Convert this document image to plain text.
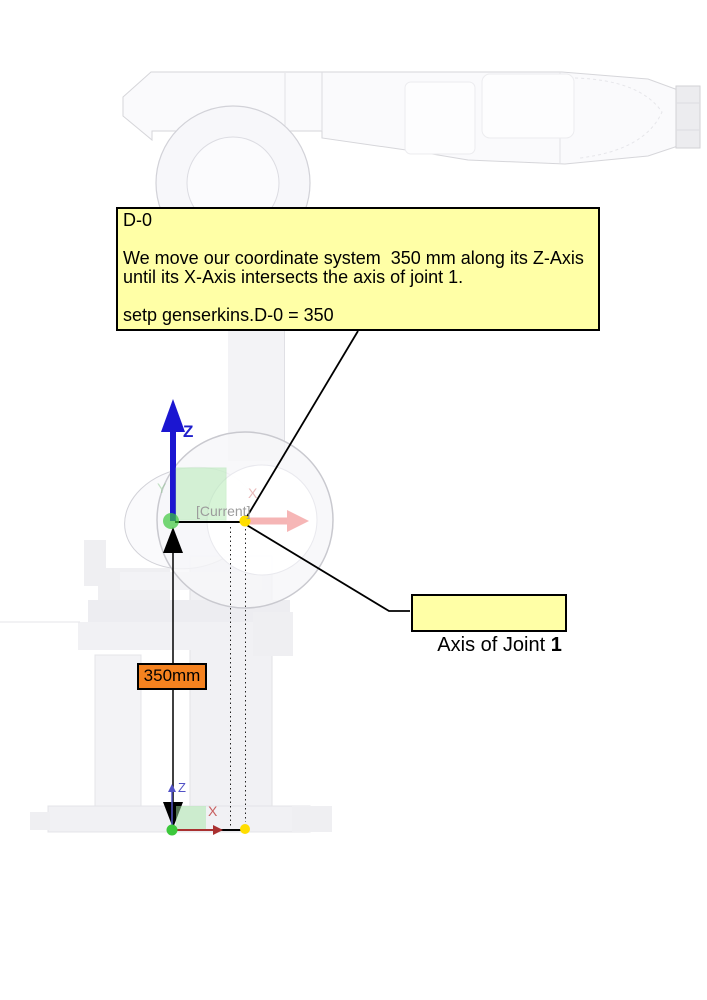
Z
Y	X
[Current]
Z
X
D-0
We move our coordinate system  350 mm along its Z-Axis
until its X-Axis intersects the axis of joint 1.
setp genserkins.D-0 = 350

Axis of Joint 1

350mm
